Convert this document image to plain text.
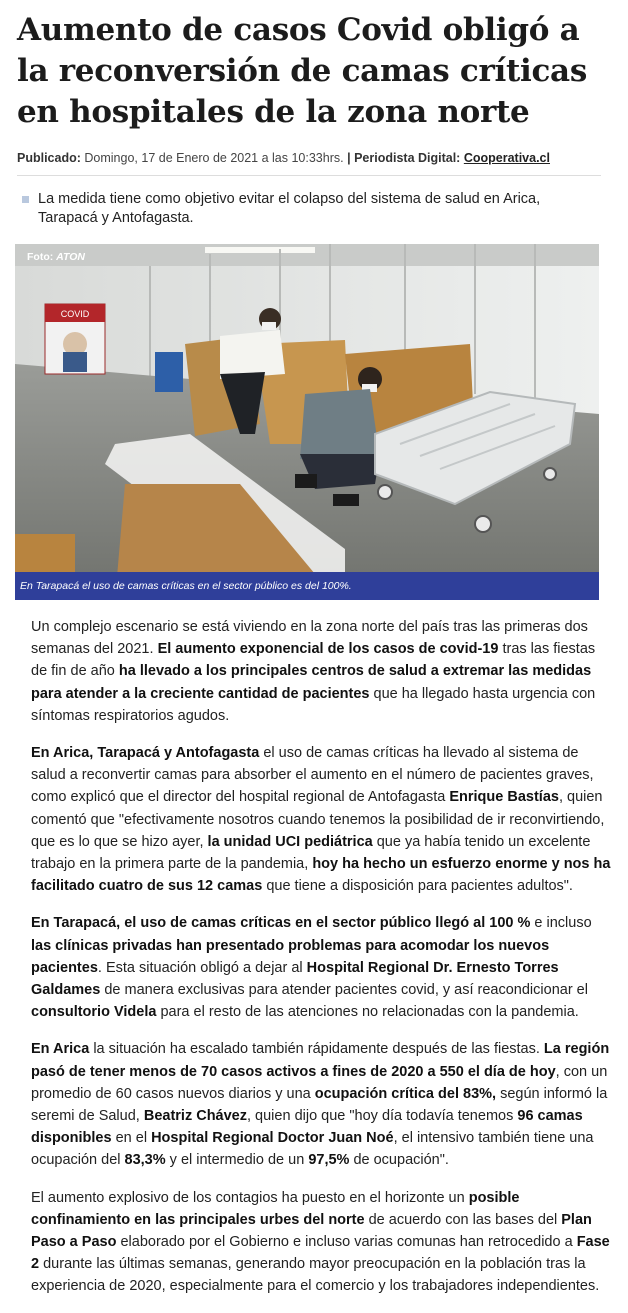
Aumento de casos Covid obligó a la reconversión de camas críticas en hospitales de la zona norte
Publicado: Domingo, 17 de Enero de 2021 a las 10:33hrs. | Periodista Digital: Cooperativa.cl
La medida tiene como objetivo evitar el colapso del sistema de salud en Arica, Tarapacá y Antofagasta.
COVID
Foto: ATON
En Tarapacá el uso de camas críticas en el sector público es del 100%.

Un complejo escenario se está viviendo en la zona norte del país tras las primeras dos semanas del 2021. El aumento exponencial de los casos de covid-19 tras las fiestas de fin de año ha llevado a los principales centros de salud a extremar las medidas para atender a la creciente cantidad de pacientes que ha llegado hasta urgencia con síntomas respiratorios agudos.

En Arica, Tarapacá y Antofagasta el uso de camas críticas ha llevado al sistema de salud a reconvertir camas para absorber el aumento en el número de pacientes graves, como explicó que el director del hospital regional de Antofagasta Enrique Bastías, quien comentó que "efectivamente nosotros cuando tenemos la posibilidad de ir reconvirtiendo, que es lo que se hizo ayer, la unidad UCI pediátrica que ya había tenido un excelente trabajo en la primera parte de la pandemia, hoy ha hecho un esfuerzo enorme y nos ha facilitado cuatro de sus 12 camas que tiene a disposición para pacientes adultos".

En Tarapacá, el uso de camas críticas en el sector público llegó al 100 % e incluso las clínicas privadas han presentado problemas para acomodar los nuevos pacientes. Esta situación obligó a dejar al Hospital Regional Dr. Ernesto Torres Galdames de manera exclusivas para atender pacientes covid, y así reacondicionar el consultorio Videla para el resto de las atenciones no relacionadas con la pandemia.

En Arica la situación ha escalado también rápidamente después de las fiestas. La región pasó de tener menos de 70 casos activos a fines de 2020 a 550 el día de hoy, con un promedio de 60 casos nuevos diarios y una ocupación crítica del 83%, según informó la seremi de Salud, Beatriz Chávez, quien dijo que "hoy día todavía tenemos 96 camas disponibles en el Hospital Regional Doctor Juan Noé, el intensivo también tiene una ocupación del 83,3% y el intermedio de un 97,5% de ocupación".

El aumento explosivo de los contagios ha puesto en el horizonte un posible confinamiento en las principales urbes del norte de acuerdo con las bases del Plan Paso a Paso elaborado por el Gobierno e incluso varias comunas han retrocedido a Fase 2 durante las últimas semanas, generando mayor preocupación en la población tras la experiencia de 2020, especialmente para el comercio y los trabajadores independientes.
